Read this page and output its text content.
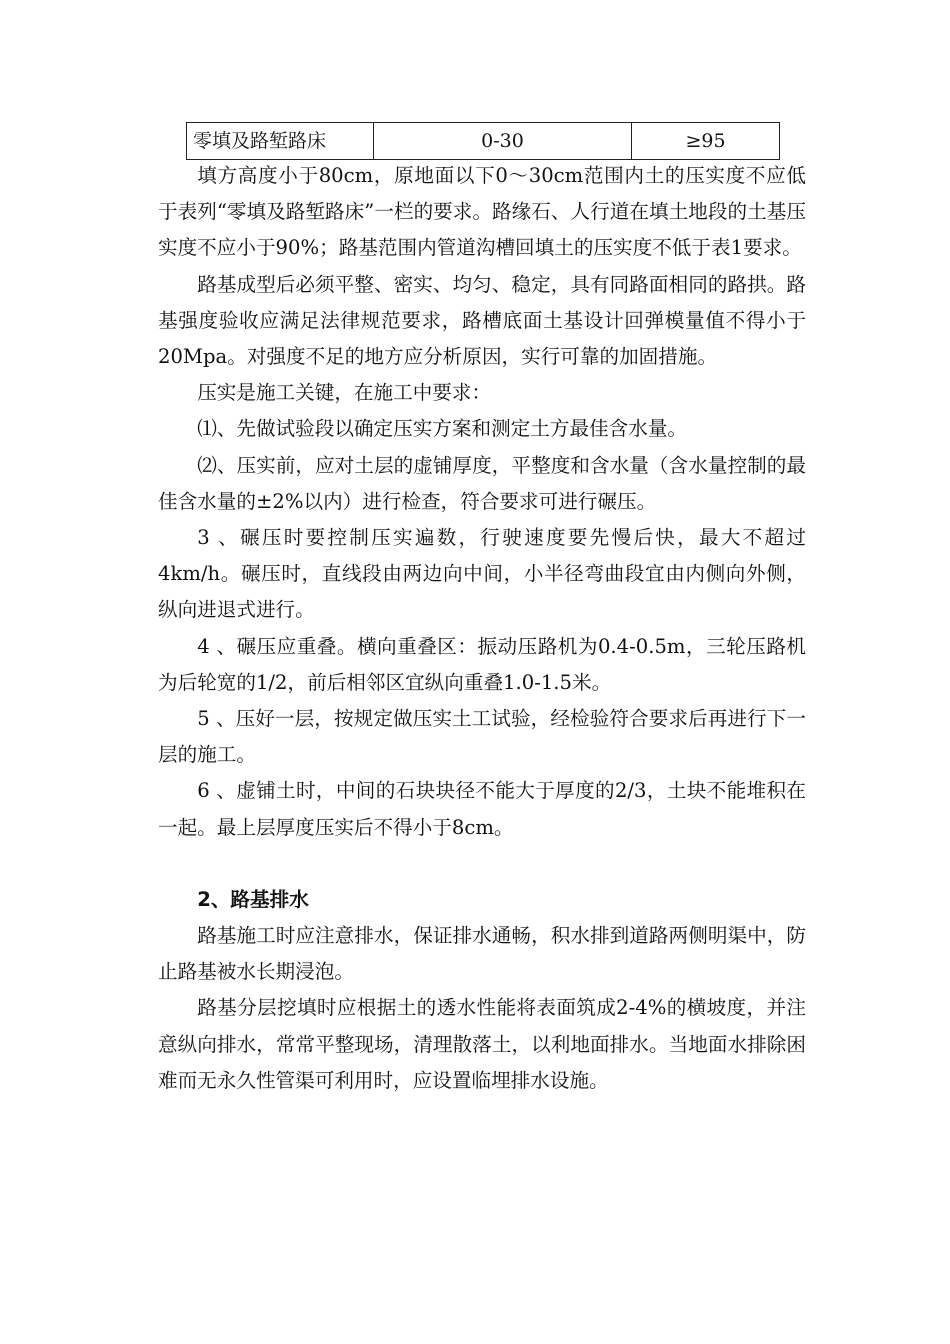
零填及路堑路床	0-30	≥95

填方高度小于80cm，原地面以下0～30cm范围内土的压实度不应低于表列“零填及路堑路床”一栏的要求。路缘石、人行道在填土地段的土基压实度不应小于90%；路基范围内管道沟槽回填土的压实度不低于表1要求。

路基成型后必须平整、密实、均匀、稳定，具有同路面相同的路拱。路基强度验收应满足法律规范要求，路槽底面土基设计回弹模量值不得小于20Mpa。对强度不足的地方应分析原因，实行可靠的加固措施。

压实是施工关键，在施工中要求：

⑴、先做试验段以确定压实方案和测定土方最佳含水量。

⑵、压实前，应对土层的虚铺厚度，平整度和含水量（含水量控制的最佳含水量的±2%以内）进行检查，符合要求可进行碾压。

3 、碾压时要控制压实遍数，行驶速度要先慢后快，最大不超过4km/h。碾压时，直线段由两边向中间，小半径弯曲段宜由内侧向外侧，纵向进退式进行。

4 、碾压应重叠。横向重叠区：振动压路机为0.4-0.5m，三轮压路机为后轮宽的1/2，前后相邻区宜纵向重叠1.0-1.5米。

5 、压好一层，按规定做压实土工试验，经检验符合要求后再进行下一层的施工。

6 、虚铺土时，中间的石块块径不能大于厚度的2/3，土块不能堆积在一起。最上层厚度压实后不得小于8cm。

2、路基排水

路基施工时应注意排水，保证排水通畅，积水排到道路两侧明渠中，防止路基被水长期浸泡。

路基分层挖填时应根据土的透水性能将表面筑成2-4%的横坡度，并注意纵向排水，常常平整现场，清理散落土，以利地面排水。当地面水排除困难而无永久性管渠可利用时，应设置临埋排水设施。
